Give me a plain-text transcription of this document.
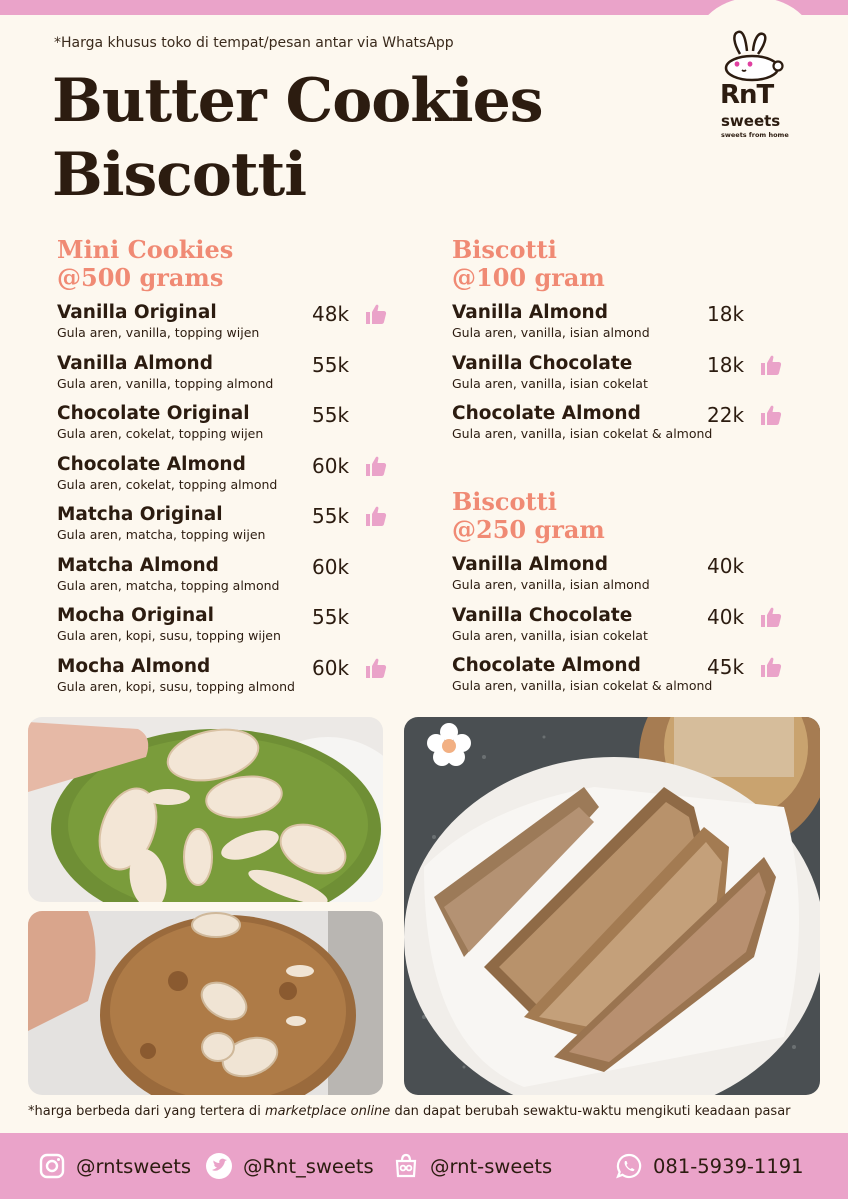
*Harga khusus toko di tempat/pesan antar via WhatsApp
Butter Cookies
Biscotti
RnT
sweets
sweets from home
Mini Cookies
@500 grams
Biscotti
@100 gram
Biscotti
@250 gram
*harga berbeda dari yang tertera di marketplace online dan dapat berubah sewaktu-waktu mengikuti keadaan pasar
@rntsweets	@Rnt_sweets	@rnt-sweets	081-5939-1191
Vanilla Original
Gula aren, vanilla, topping wijen
48k
Vanilla Almond
Gula aren, vanilla, topping almond
55k
Chocolate Original
Gula aren, cokelat, topping wijen
55k
Chocolate Almond
Gula aren, cokelat, topping almond
60k
Matcha Original
Gula aren, matcha, topping wijen
55k
Matcha Almond
Gula aren, matcha, topping almond
60k
Mocha Original
Gula aren, kopi, susu, topping wijen
55k
Mocha Almond
Gula aren, kopi, susu, topping almond
60k
Vanilla Almond
Gula aren, vanilla, isian almond
18k
Vanilla Chocolate
Gula aren, vanilla, isian cokelat
18k
Chocolate Almond
Gula aren, vanilla, isian cokelat & almond
22k
Vanilla Almond
Gula aren, vanilla, isian almond
40k
Vanilla Chocolate
Gula aren, vanilla, isian cokelat
40k
Chocolate Almond
Gula aren, vanilla, isian cokelat & almond
45k
